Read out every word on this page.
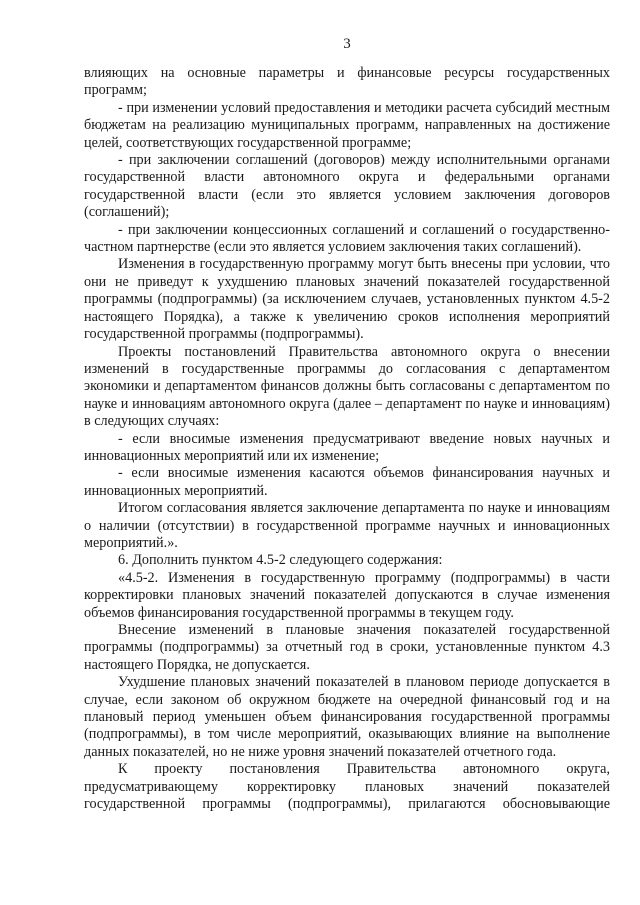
3

влияющих на основные параметры и финансовые ресурсы государственных программ;

- при изменении условий предоставления и методики расчета субсидий местным бюджетам на реализацию муниципальных программ, направленных на достижение целей, соответствующих государственной программе;

- при заключении соглашений (договоров) между исполнительными органами государственной власти автономного округа и федеральными органами государственной власти (если это является условием заключения договоров (соглашений);

- при заключении концессионных соглашений и соглашений о государственно-частном партнерстве (если это является условием заключения таких соглашений).

Изменения в государственную программу могут быть внесены при условии, что они не приведут к ухудшению плановых значений показателей государственной программы (подпрограммы) (за исключением случаев, установленных пунктом 4.5-2 настоящего Порядка), а также к увеличению сроков исполнения мероприятий государственной программы (подпрограммы).

Проекты постановлений Правительства автономного округа о внесении изменений в государственные программы до согласования с департаментом экономики и департаментом финансов должны быть согласованы с департаментом по науке и инновациям автономного округа (далее – департамент по науке и инновациям) в следующих случаях:

- если вносимые изменения предусматривают введение новых научных и инновационных мероприятий или их изменение;

- если вносимые изменения касаются объемов финансирования научных и инновационных мероприятий.

Итогом согласования является заключение департамента по науке и инновациям о наличии (отсутствии) в государственной программе научных и инновационных мероприятий.».

6. Дополнить пунктом 4.5-2 следующего содержания:

«4.5-2. Изменения в государственную программу (подпрограммы) в части корректировки плановых значений показателей допускаются в случае изменения объемов финансирования государственной программы в текущем году.

Внесение изменений в плановые значения показателей государственной программы (подпрограммы) за отчетный год в сроки, установленные пунктом 4.3 настоящего Порядка, не допускается.

Ухудшение плановых значений показателей в плановом периоде допускается в случае, если законом об окружном бюджете на очередной финансовый год и на плановый период уменьшен объем финансирования государственной программы (подпрограммы), в том числе мероприятий, оказывающих влияние на выполнение данных показателей, но не ниже уровня значений показателей отчетного года.

К проекту постановления Правительства автономного округа, предусматривающему корректировку плановых значений показателей государственной программы (подпрограммы), прилагаются обосновывающие
